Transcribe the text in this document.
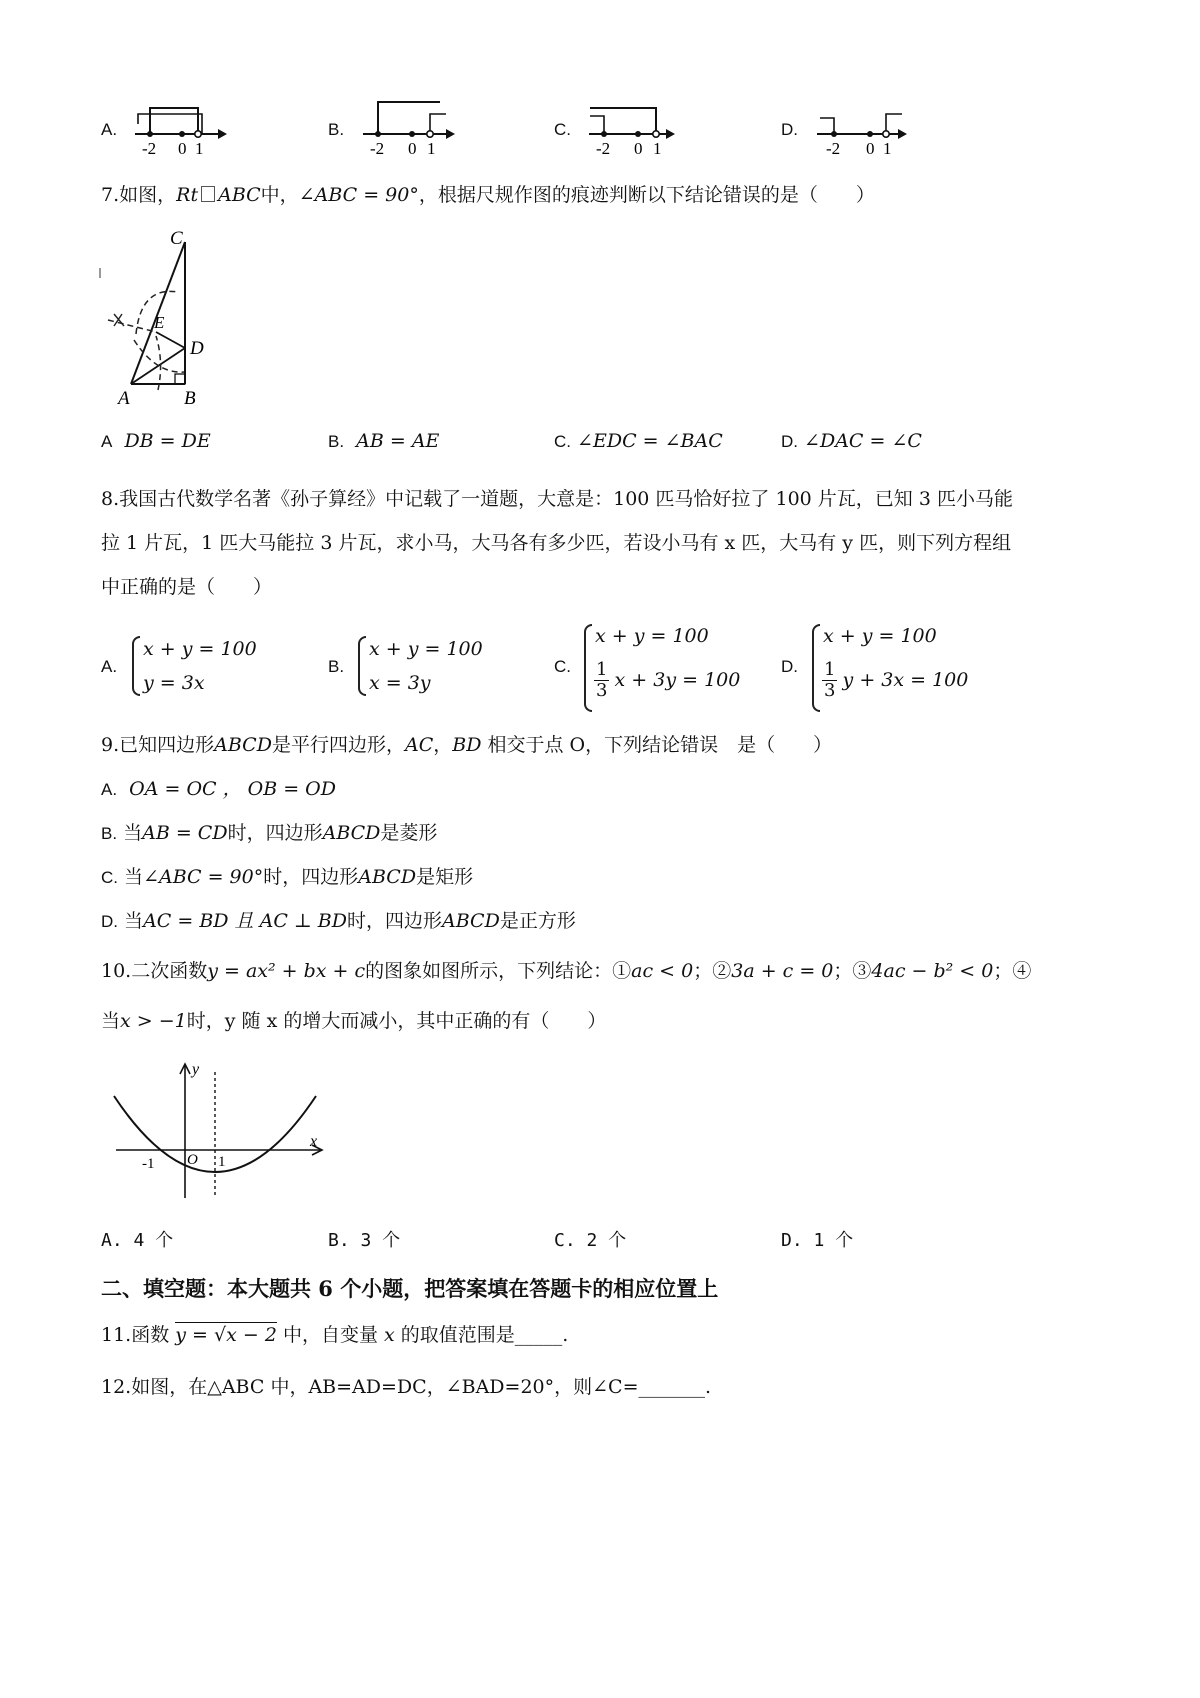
A.
-2 0 1
B.
-2 0 1
C.
-2 0 1
D.
-2 0 1
7.如图，Rt ABC中，∠ABC = 90°，根据尺规作图的痕迹判断以下结论错误的是（　　）
C
E
D
A	B
A DB = DE	B. AB = AE	C. ∠EDC = ∠BAC	D. ∠DAC = ∠C
8.我国古代数学名著《孙子算经》中记载了一道题，大意是：100 匹马恰好拉了 100 片瓦，已知 3 匹小马能
拉 1 片瓦，1 匹大马能拉 3 片瓦，求小马，大马各有多少匹，若设小马有 x 匹，大马有 y 匹，则下列方程组
中正确的是（　　）
A.
x + y = 100
y = 3x
B.
x + y = 100
x = 3y
C.
x + y = 100
$\frac{1}{3}$ x + 3y = 100
D.
x + y = 100
$\frac{1}{3}$ y + 3x = 100
9.已知四边形ABCD是平行四边形，AC，BD 相交于点 O，下列结论错误　是（　　）
A. OA = OC ， OB = OD
B. 当AB = CD时，四边形ABCD是菱形
C. 当∠ABC = 90°时，四边形ABCD是矩形
D. 当AC = BD 且 AC ⊥ BD时，四边形ABCD是正方形
10.二次函数y = ax² + bx + c的图象如图所示，下列结论：①ac < 0；②3a + c = 0；③4ac − b² < 0；④
当x > −1时，y 随 x 的增大而减小，其中正确的有（　　）
y
x
O
-1	1
A. 4 个	B. 3 个	C. 2 个	D. 1 个
二、填空题：本大题共 6 个小题，把答案填在答题卡的相应位置上
11.函数 y = √x − 2 中，自变量 x 的取值范围是_____.
12.如图，在△ABC 中，AB=AD=DC，∠BAD=20°，则∠C=_______.
